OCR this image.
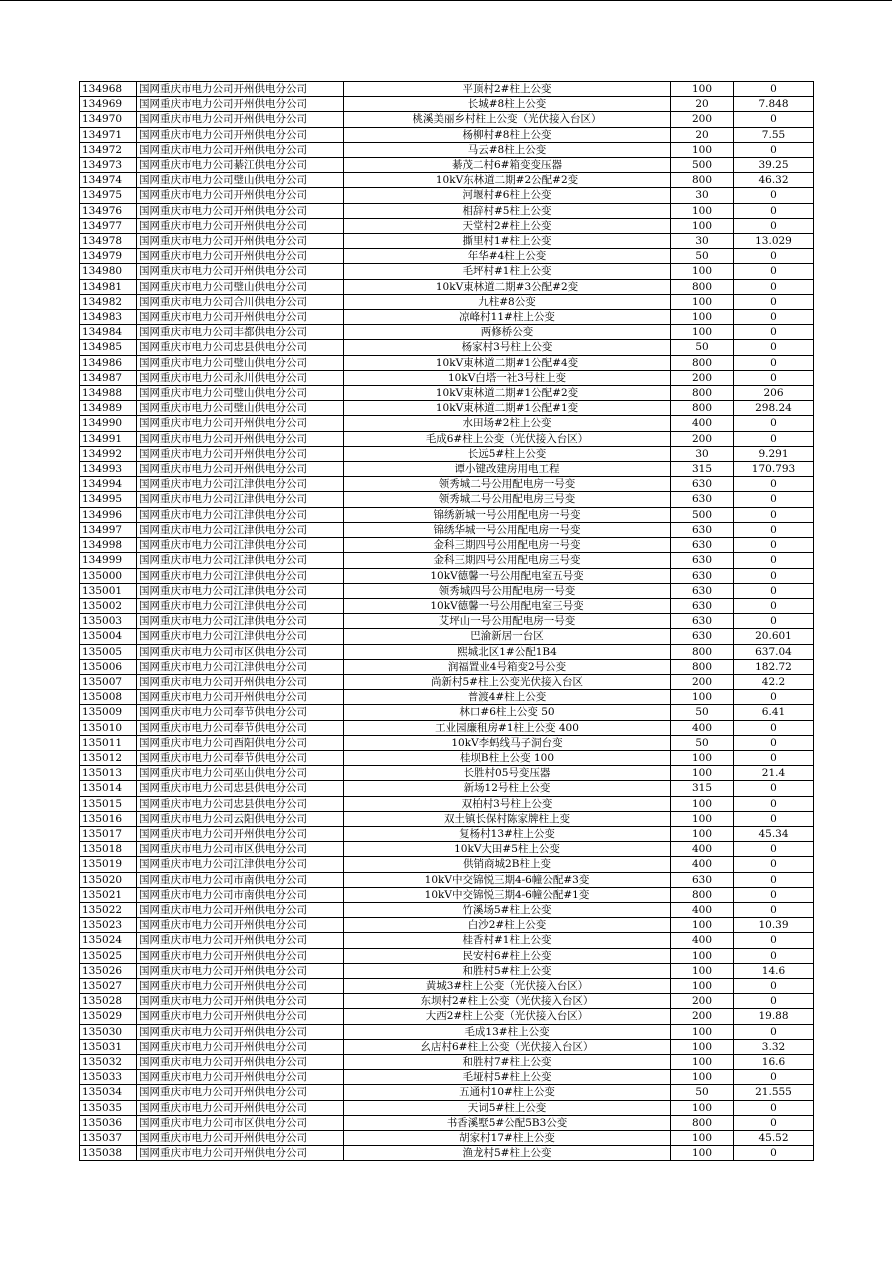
134968	国网重庆市电力公司开州供电分公司	平顶村2#柱上公变	100	0
134969	国网重庆市电力公司开州供电分公司	长城#8柱上公变	20	7.848
134970	国网重庆市电力公司开州供电分公司	桃溪美丽乡村柱上公变（光伏接入台区）	200	0
134971	国网重庆市电力公司开州供电分公司	杨柳村#8柱上公变	20	7.55
134972	国网重庆市电力公司开州供电分公司	马云#8柱上公变	100	0
134973	国网重庆市电力公司綦江供电分公司	綦茂二村6#箱变变压器	500	39.25
134974	国网重庆市电力公司璧山供电分公司	10kV东林道二期#2公配#2变	800	46.32
134975	国网重庆市电力公司开州供电分公司	河堰村#6柱上公变	30	0
134976	国网重庆市电力公司开州供电分公司	相辞村#5柱上公变	100	0
134977	国网重庆市电力公司开州供电分公司	天堂村2#柱上公变	100	0
134978	国网重庆市电力公司开州供电分公司	撕里村1#柱上公变	30	13.029
134979	国网重庆市电力公司开州供电分公司	年华#4柱上公变	50	0
134980	国网重庆市电力公司开州供电分公司	毛坪村#1柱上公变	100	0
134981	国网重庆市电力公司璧山供电分公司	10kV東林道二期#3公配#2变	800	0
134982	国网重庆市电力公司合川供电分公司	九柱#8公变	100	0
134983	国网重庆市电力公司开州供电分公司	凉峰村11#柱上公变	100	0
134984	国网重庆市电力公司丰都供电分公司	两修桥公变	100	0
134985	国网重庆市电力公司忠县供电分公司	杨家村3号柱上公变	50	0
134986	国网重庆市电力公司璧山供电分公司	10kV東林道二期#1公配#4变	800	0
134987	国网重庆市电力公司永川供电分公司	10kV白塔一社3号柱上变	200	0
134988	国网重庆市电力公司璧山供电分公司	10kV東林道二期#1公配#2变	800	206
134989	国网重庆市电力公司璧山供电分公司	10kV東林道二期#1公配#1变	800	298.24
134990	国网重庆市电力公司开州供电分公司	水田场#2柱上公变	400	0
134991	国网重庆市电力公司开州供电分公司	毛成6#柱上公变（光伏接入台区）	200	0
134992	国网重庆市电力公司开州供电分公司	长远5#柱上公变	30	9.291
134993	国网重庆市电力公司开州供电分公司	谭小键改建房用电工程	315	170.793
134994	国网重庆市电力公司江津供电分公司	领秀城二号公用配电房一号变	630	0
134995	国网重庆市电力公司江津供电分公司	领秀城二号公用配电房三号变	630	0
134996	国网重庆市电力公司江津供电分公司	锦绣新城一号公用配电房一号变	500	0
134997	国网重庆市电力公司江津供电分公司	锦绣华城一号公用配电房一号变	630	0
134998	国网重庆市电力公司江津供电分公司	金科三期四号公用配电房一号变	630	0
134999	国网重庆市电力公司江津供电分公司	金科三期四号公用配电房三号变	630	0
135000	国网重庆市电力公司江津供电分公司	10kV德馨一号公用配电室五号变	630	0
135001	国网重庆市电力公司江津供电分公司	领秀城四号公用配电房一号变	630	0
135002	国网重庆市电力公司江津供电分公司	10kV德馨一号公用配电室三号变	630	0
135003	国网重庆市电力公司江津供电分公司	艾坪山一号公用配电房一号变	630	0
135004	国网重庆市电力公司江津供电分公司	巴渝新居一台区	630	20.601
135005	国网重庆市电力公司市区供电分公司	熙城北区1#公配1B4	800	637.04
135006	国网重庆市电力公司江津供电分公司	润福置业4号箱变2号公变	800	182.72
135007	国网重庆市电力公司开州供电分公司	尚新村5#柱上公变光伏接入台区	200	42.2
135008	国网重庆市电力公司开州供电分公司	普渡4#柱上公变	100	0
135009	国网重庆市电力公司奉节供电分公司	林口#6柱上公变 50	50	6.41
135010	国网重庆市电力公司奉节供电分公司	工业园廉租房#1柱上公变 400	400	0
135011	国网重庆市电力公司酉阳供电分公司	10kV李蚂线马子洞台变	50	0
135012	国网重庆市电力公司奉节供电分公司	桂坝B柱上公变 100	100	0
135013	国网重庆市电力公司巫山供电分公司	长胜村05号变压器	100	21.4
135014	国网重庆市电力公司忠县供电分公司	新场12号柱上公变	315	0
135015	国网重庆市电力公司忠县供电分公司	双柏村3号柱上公变	100	0
135016	国网重庆市电力公司云阳供电分公司	双土镇长保村陈家牌柱上变	100	0
135017	国网重庆市电力公司开州供电分公司	复杨村13#柱上公变	100	45.34
135018	国网重庆市电力公司市区供电分公司	10kV大田#5柱上公变	400	0
135019	国网重庆市电力公司江津供电分公司	供销商城2B柱上变	400	0
135020	国网重庆市电力公司市南供电分公司	10kV中交锦悦三期4-6幢公配#3变	630	0
135021	国网重庆市电力公司市南供电分公司	10kV中交锦悦三期4-6幢公配#1变	800	0
135022	国网重庆市电力公司开州供电分公司	竹溪场5#柱上公变	400	0
135023	国网重庆市电力公司开州供电分公司	白沙2#柱上公变	100	10.39
135024	国网重庆市电力公司开州供电分公司	桂香村#1柱上公变	400	0
135025	国网重庆市电力公司开州供电分公司	民安村6#柱上公变	100	0
135026	国网重庆市电力公司开州供电分公司	和胜村5#柱上公变	100	14.6
135027	国网重庆市电力公司开州供电分公司	黄城3#柱上公变（光伏接入台区）	100	0
135028	国网重庆市电力公司开州供电分公司	东坝村2#柱上公变（光伏接入台区）	200	0
135029	国网重庆市电力公司开州供电分公司	大西2#柱上公变（光伏接入台区）	200	19.88
135030	国网重庆市电力公司开州供电分公司	毛成13#柱上公变	100	0
135031	国网重庆市电力公司开州供电分公司	幺店村6#柱上公变（光伏接入台区）	100	3.32
135032	国网重庆市电力公司开州供电分公司	和胜村7#柱上公变	100	16.6
135033	国网重庆市电力公司开州供电分公司	毛垭村5#柱上公变	100	0
135034	国网重庆市电力公司开州供电分公司	五通村10#柱上公变	50	21.555
135035	国网重庆市电力公司开州供电分公司	天词5#柱上公变	100	0
135036	国网重庆市电力公司市区供电分公司	书香溪墅5#公配5B3公变	800	0
135037	国网重庆市电力公司开州供电分公司	胡家村17#柱上公变	100	45.52
135038	国网重庆市电力公司开州供电分公司	渔龙村5#柱上公变	100	0
